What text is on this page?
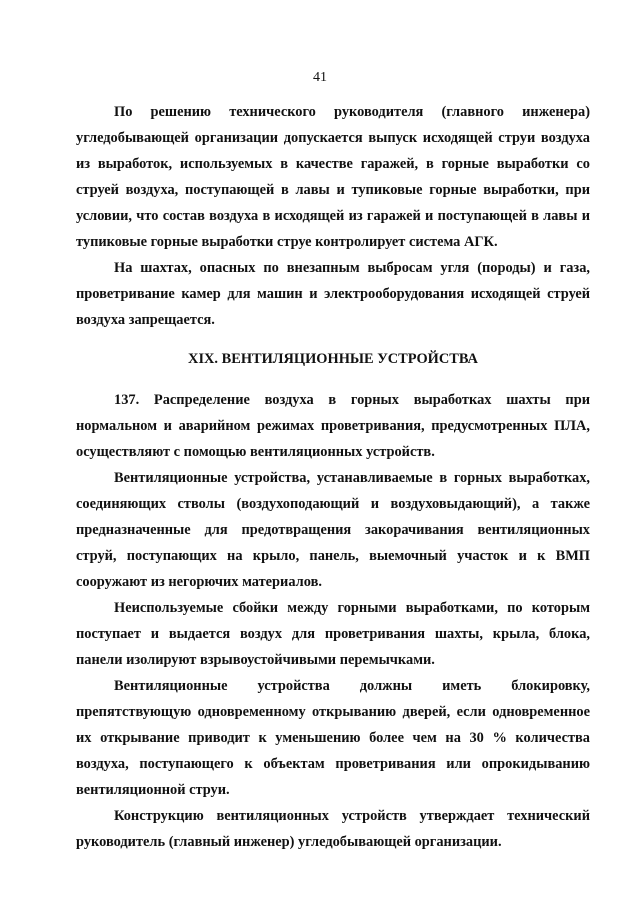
41

По решению технического руководителя (главного инженера) угледобывающей организации допускается выпуск исходящей струи воздуха из выработок, используемых в качестве гаражей, в горные выработки со струей воздуха, поступающей в лавы и тупиковые горные выработки, при условии, что состав воздуха в исходящей из гаражей и поступающей в лавы и тупиковые горные выработки струе контролирует система АГК.

На шахтах, опасных по внезапным выбросам угля (породы) и газа, проветривание камер для машин и электрооборудования исходящей струей воздуха запрещается.

XIX. ВЕНТИЛЯЦИОННЫЕ УСТРОЙСТВА

137. Распределение воздуха в горных выработках шахты при нормальном и аварийном режимах проветривания, предусмотренных ПЛА, осуществляют с помощью вентиляционных устройств.

Вентиляционные устройства, устанавливаемые в горных выработках, соединяющих стволы (воздухоподающий и воздуховыдающий), а также предназначенные для предотвращения закорачивания вентиляционных струй, поступающих на крыло, панель, выемочный участок и к ВМП сооружают из негорючих материалов.

Неиспользуемые сбойки между горными выработками, по которым поступает и выдается воздух для проветривания шахты, крыла, блока, панели изолируют взрывоустойчивыми перемычками.

Вентиляционные устройства должны иметь блокировку, препятствующую одновременному открыванию дверей, если одновременное их открывание приводит к уменьшению более чем на 30 % количества воздуха, поступающего к объектам проветривания или опрокидыванию вентиляционной струи.

Конструкцию вентиляционных устройств утверждает технический руководитель (главный инженер) угледобывающей организации.
